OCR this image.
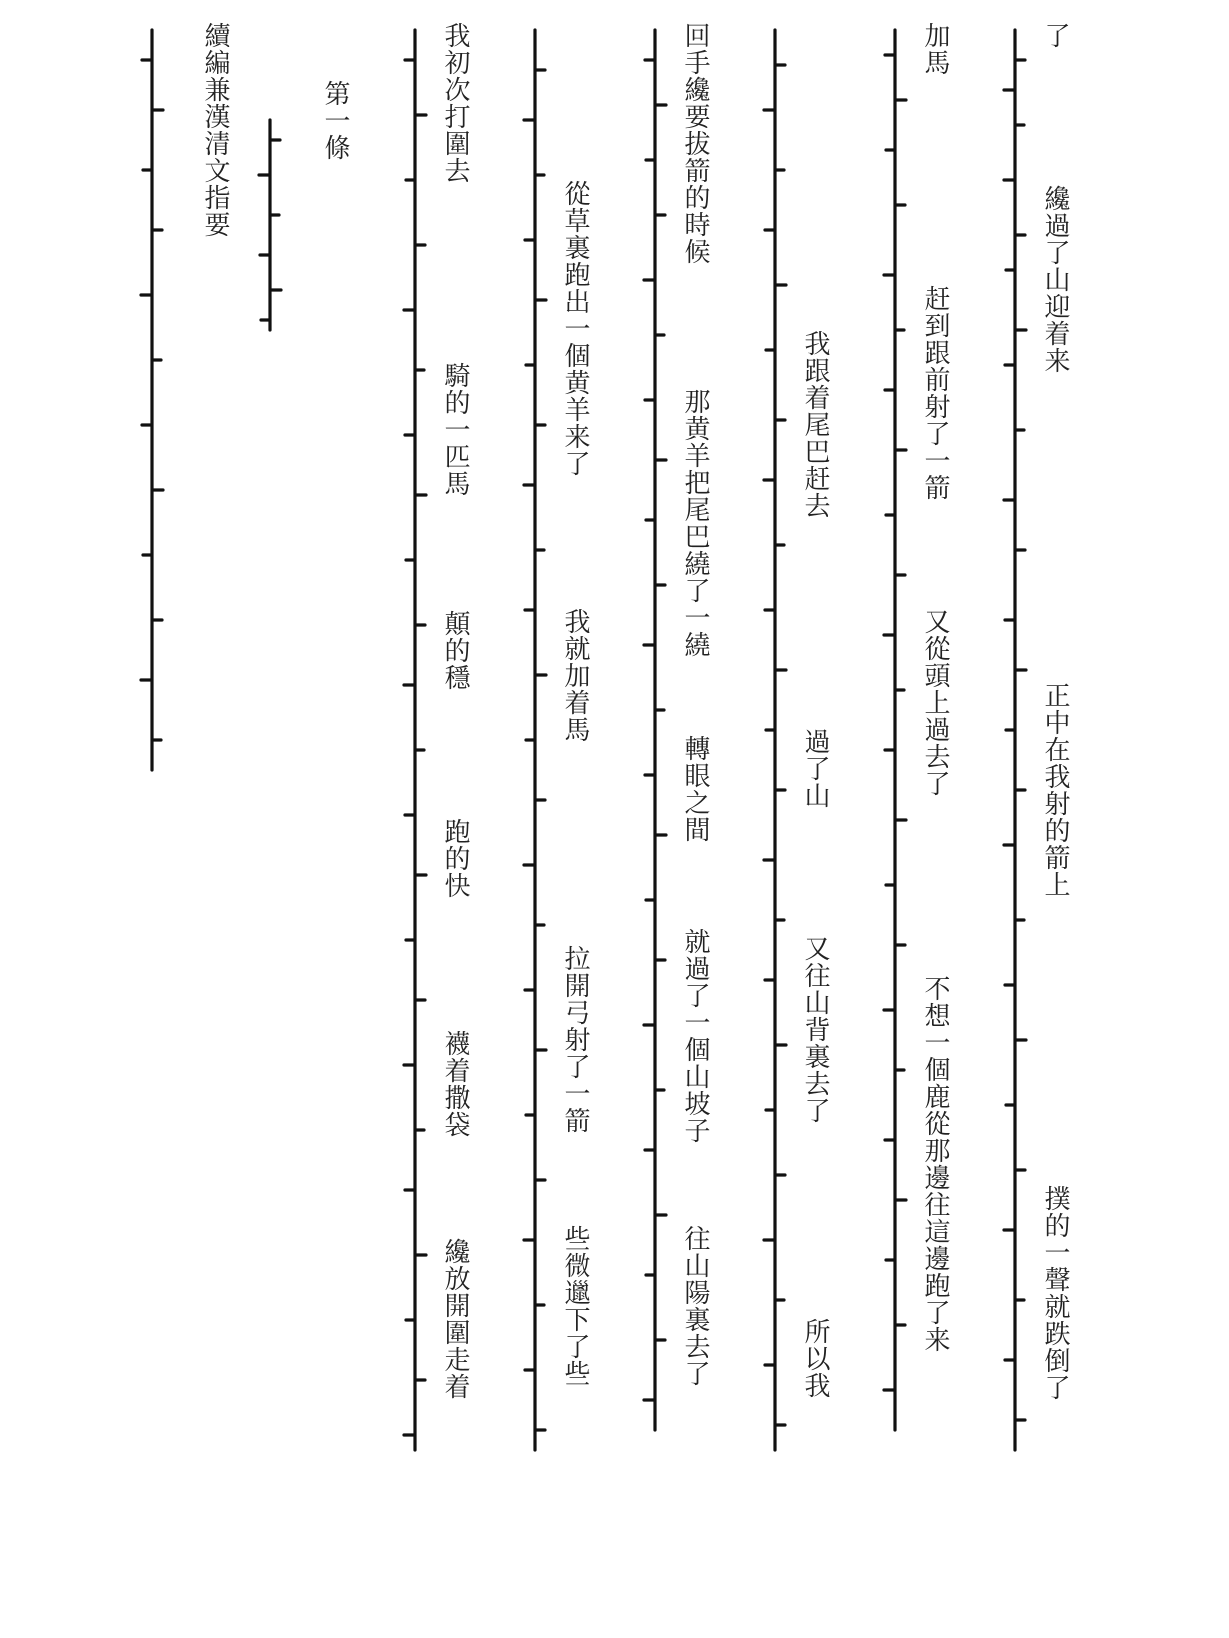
了
纔過了山迎着来
正中在我射的箭上
撲的一聲就跌倒了
加馬
赶到跟前射了一箭
又從頭上過去了
不想一個鹿從那邊往這邊跑了来
我跟着尾巴赶去
過了山
又往山背裏去了
所以我
回手纔要拔箭的時候
那黄羊把尾巴繞了一繞
轉眼之間
就過了一個山坡子
往山陽裏去了
從草裏跑出一個黄羊来了
我就加着馬
拉開弓射了一箭
些微邋下了些
我初次打圍去
騎的一匹馬
顛的穩
跑的快
襪着撒袋
纔放開圍走着
第一條
續編兼漢清文指要
